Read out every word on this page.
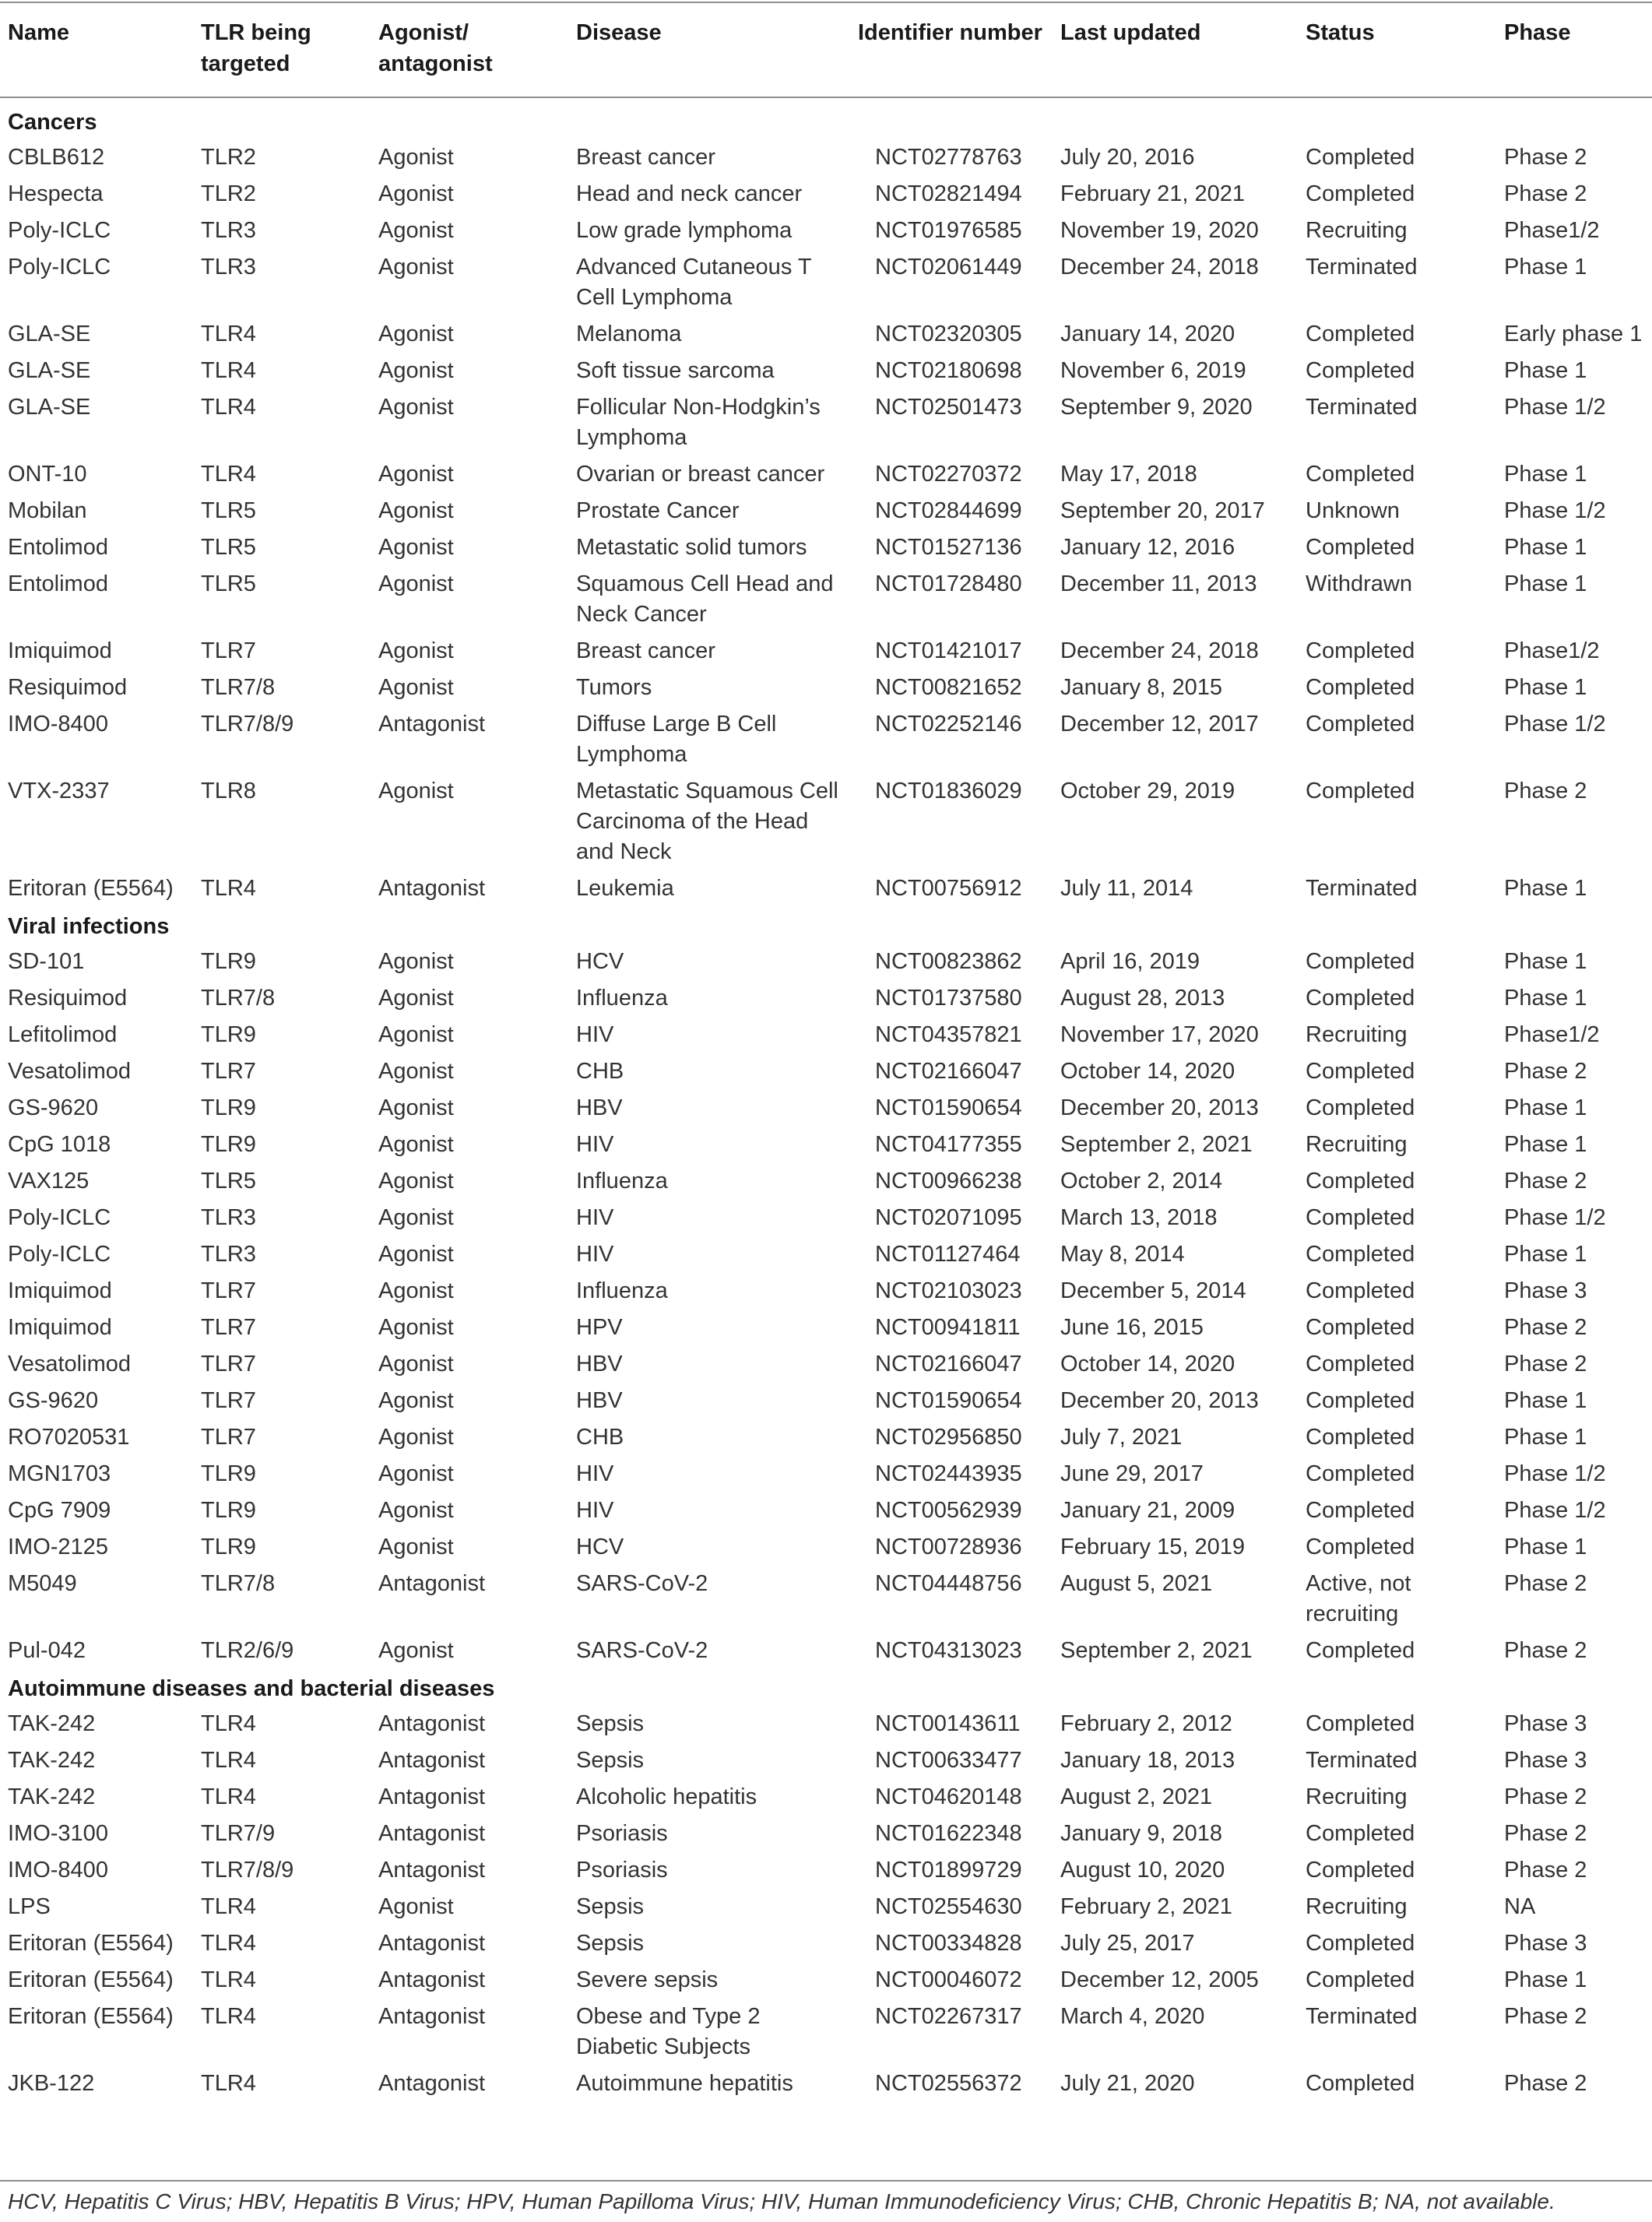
Name	TLR being targeted	Agonist/ antagonist	Disease	Identifier number	Last updated	Status	Phase
Cancers							
CBLB612	TLR2	Agonist	Breast cancer	NCT02778763	July 20, 2016	Completed	Phase 2
Hespecta	TLR2	Agonist	Head and neck cancer	NCT02821494	February 21, 2021	Completed	Phase 2
Poly-ICLC	TLR3	Agonist	Low grade lymphoma	NCT01976585	November 19, 2020	Recruiting	Phase1/2
Poly-ICLC	TLR3	Agonist	Advanced Cutaneous T Cell Lymphoma	NCT02061449	December 24, 2018	Terminated	Phase 1
GLA-SE	TLR4	Agonist	Melanoma	NCT02320305	January 14, 2020	Completed	Early phase 1
GLA-SE	TLR4	Agonist	Soft tissue sarcoma	NCT02180698	November 6, 2019	Completed	Phase 1
GLA-SE	TLR4	Agonist	Follicular Non-Hodgkin’s Lymphoma	NCT02501473	September 9, 2020	Terminated	Phase 1/2
ONT-10	TLR4	Agonist	Ovarian or breast cancer	NCT02270372	May 17, 2018	Completed	Phase 1
Mobilan	TLR5	Agonist	Prostate Cancer	NCT02844699	September 20, 2017	Unknown	Phase 1/2
Entolimod	TLR5	Agonist	Metastatic solid tumors	NCT01527136	January 12, 2016	Completed	Phase 1
Entolimod	TLR5	Agonist	Squamous Cell Head and Neck Cancer	NCT01728480	December 11, 2013	Withdrawn	Phase 1
Imiquimod	TLR7	Agonist	Breast cancer	NCT01421017	December 24, 2018	Completed	Phase1/2
Resiquimod	TLR7/8	Agonist	Tumors	NCT00821652	January 8, 2015	Completed	Phase 1
IMO-8400	TLR7/8/9	Antagonist	Diffuse Large B Cell Lymphoma	NCT02252146	December 12, 2017	Completed	Phase 1/2
VTX-2337	TLR8	Agonist	Metastatic Squamous Cell Carcinoma of the Head and Neck	NCT01836029	October 29, 2019	Completed	Phase 2
Eritoran (E5564)	TLR4	Antagonist	Leukemia	NCT00756912	July 11, 2014	Terminated	Phase 1
Viral infections							
SD-101	TLR9	Agonist	HCV	NCT00823862	April 16, 2019	Completed	Phase 1
Resiquimod	TLR7/8	Agonist	Influenza	NCT01737580	August 28, 2013	Completed	Phase 1
Lefitolimod	TLR9	Agonist	HIV	NCT04357821	November 17, 2020	Recruiting	Phase1/2
Vesatolimod	TLR7	Agonist	CHB	NCT02166047	October 14, 2020	Completed	Phase 2
GS-9620	TLR9	Agonist	HBV	NCT01590654	December 20, 2013	Completed	Phase 1
CpG 1018	TLR9	Agonist	HIV	NCT04177355	September 2, 2021	Recruiting	Phase 1
VAX125	TLR5	Agonist	Influenza	NCT00966238	October 2, 2014	Completed	Phase 2
Poly-ICLC	TLR3	Agonist	HIV	NCT02071095	March 13, 2018	Completed	Phase 1/2
Poly-ICLC	TLR3	Agonist	HIV	NCT01127464	May 8, 2014	Completed	Phase 1
Imiquimod	TLR7	Agonist	Influenza	NCT02103023	December 5, 2014	Completed	Phase 3
Imiquimod	TLR7	Agonist	HPV	NCT00941811	June 16, 2015	Completed	Phase 2
Vesatolimod	TLR7	Agonist	HBV	NCT02166047	October 14, 2020	Completed	Phase 2
GS-9620	TLR7	Agonist	HBV	NCT01590654	December 20, 2013	Completed	Phase 1
RO7020531	TLR7	Agonist	CHB	NCT02956850	July 7, 2021	Completed	Phase 1
MGN1703	TLR9	Agonist	HIV	NCT02443935	June 29, 2017	Completed	Phase 1/2
CpG 7909	TLR9	Agonist	HIV	NCT00562939	January 21, 2009	Completed	Phase 1/2
IMO-2125	TLR9	Agonist	HCV	NCT00728936	February 15, 2019	Completed	Phase 1
M5049	TLR7/8	Antagonist	SARS-CoV-2	NCT04448756	August 5, 2021	Active, not recruiting	Phase 2
Pul-042	TLR2/6/9	Agonist	SARS-CoV-2	NCT04313023	September 2, 2021	Completed	Phase 2
Autoimmune diseases and bacterial diseases							
TAK-242	TLR4	Antagonist	Sepsis	NCT00143611	February 2, 2012	Completed	Phase 3
TAK-242	TLR4	Antagonist	Sepsis	NCT00633477	January 18, 2013	Terminated	Phase 3
TAK-242	TLR4	Antagonist	Alcoholic hepatitis	NCT04620148	August 2, 2021	Recruiting	Phase 2
IMO-3100	TLR7/9	Antagonist	Psoriasis	NCT01622348	January 9, 2018	Completed	Phase 2
IMO-8400	TLR7/8/9	Antagonist	Psoriasis	NCT01899729	August 10, 2020	Completed	Phase 2
LPS	TLR4	Agonist	Sepsis	NCT02554630	February 2, 2021	Recruiting	NA
Eritoran (E5564)	TLR4	Antagonist	Sepsis	NCT00334828	July 25, 2017	Completed	Phase 3
Eritoran (E5564)	TLR4	Antagonist	Severe sepsis	NCT00046072	December 12, 2005	Completed	Phase 1
Eritoran (E5564)	TLR4	Antagonist	Obese and Type 2 Diabetic Subjects	NCT02267317	March 4, 2020	Terminated	Phase 2
JKB-122	TLR4	Antagonist	Autoimmune hepatitis	NCT02556372	July 21, 2020	Completed	Phase 2
HCV, Hepatitis C Virus; HBV, Hepatitis B Virus; HPV, Human Papilloma Virus; HIV, Human Immunodeficiency Virus; CHB, Chronic Hepatitis B; NA, not available.
